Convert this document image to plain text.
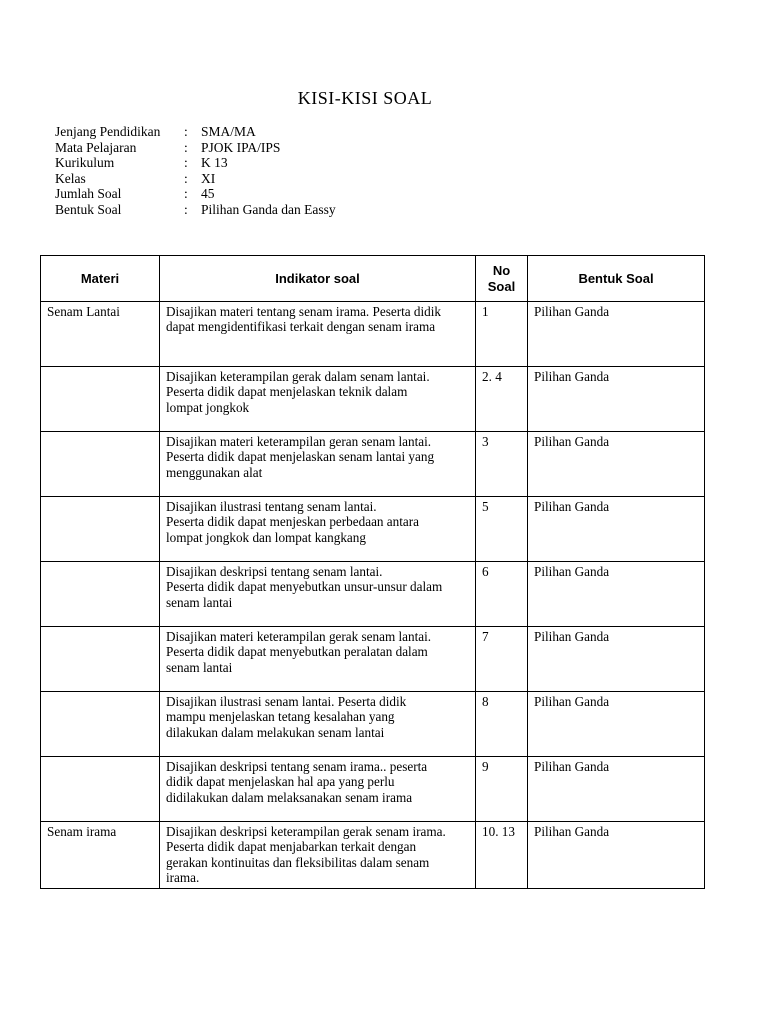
KISI-KISI SOAL
Jenjang Pendidikan	: SMA/MA
Mata Pelajaran	: PJOK IPA/IPS
Kurikulum	: K 13
Kelas	: XI
Jumlah Soal	: 45
Bentuk Soal	: Pilihan Ganda dan Eassy
Materi	Indikator soal	No
Soal	Bentuk Soal
Senam Lantai	Disajikan materi tentang senam irama. Peserta didik
dapat mengidentifikasi terkait dengan senam irama	1	Pilihan Ganda

	Disajikan keterampilan gerak dalam senam lantai.
Peserta didik dapat menjelaskan teknik dalam
lompat jongkok	2. 4	Pilihan Ganda

	Disajikan materi keterampilan geran senam lantai.
Peserta didik dapat menjelaskan senam lantai yang
menggunakan alat	3	Pilihan Ganda

	Disajikan ilustrasi tentang senam lantai.
Peserta didik dapat menjeskan perbedaan antara
lompat jongkok dan lompat kangkang	5	Pilihan Ganda

	Disajikan deskripsi tentang senam lantai.
Peserta didik dapat menyebutkan unsur-unsur dalam
senam lantai	6	Pilihan Ganda

	Disajikan materi keterampilan gerak senam lantai.
Peserta didik dapat menyebutkan peralatan dalam
senam lantai	7	Pilihan Ganda

	Disajikan ilustrasi senam lantai. Peserta didik
mampu menjelaskan tetang kesalahan yang
dilakukan dalam melakukan senam lantai	8	Pilihan Ganda

	Disajikan deskripsi tentang senam irama.. peserta
didik dapat menjelaskan hal apa yang perlu
didilakukan dalam melaksanakan senam irama	9	Pilihan Ganda
Senam irama	Disajikan deskripsi keterampilan gerak senam irama.
Peserta didik dapat menjabarkan terkait dengan
gerakan kontinuitas dan fleksibilitas dalam senam
irama.	10. 13	Pilihan Ganda
